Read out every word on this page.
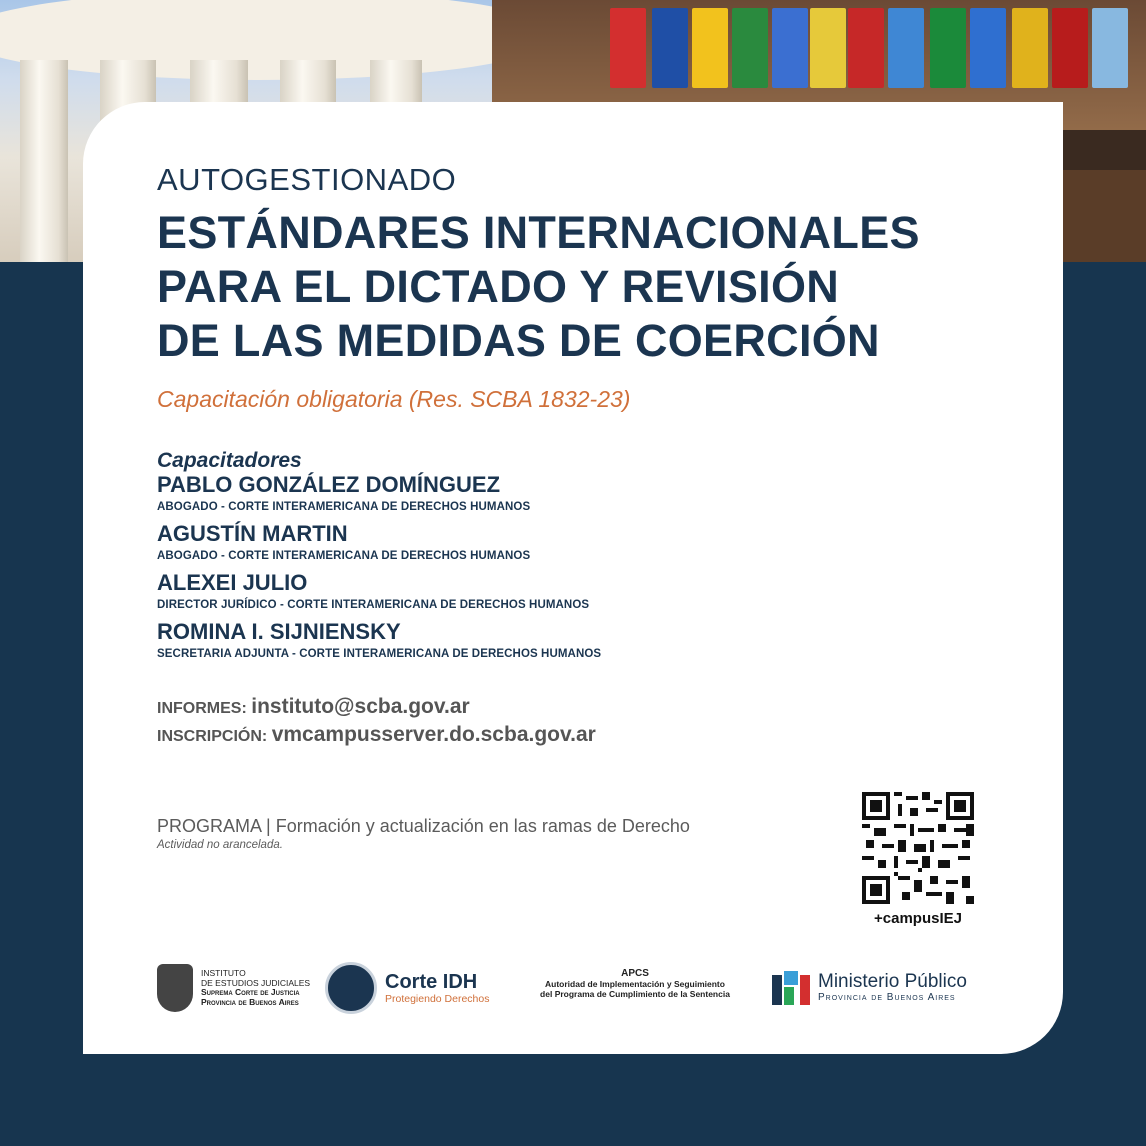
AUTOGESTIONADO

ESTÁNDARES INTERNACIONALES
PARA EL DICTADO Y REVISIÓN
DE LAS MEDIDAS DE COERCIÓN

Capacitación obligatoria (Res. SCBA 1832-23)

Capacitadores

PABLO GONZÁLEZ DOMÍNGUEZ

ABOGADO - CORTE INTERAMERICANA DE DERECHOS HUMANOS

AGUSTÍN MARTIN

ABOGADO - CORTE INTERAMERICANA DE DERECHOS HUMANOS

ALEXEI JULIO

DIRECTOR JURÍDICO - CORTE INTERAMERICANA DE DERECHOS HUMANOS

ROMINA I. SIJNIENSKY

SECRETARIA ADJUNTA - CORTE INTERAMERICANA DE DERECHOS HUMANOS

INFORMES: instituto@scba.gov.ar
INSCRIPCIÓN: vmcampusserver.do.scba.gov.ar
PROGRAMA | Formación y actualización en las ramas de Derecho
Actividad no arancelada.
+campusIEJ
INSTITUTO
DE ESTUDIOS JUDICIALES
Suprema Corte de Justicia
Provincia de Buenos Aires
Corte IDH
Protegiendo Derechos
APCS
Autoridad de Implementación y Seguimiento
del Programa de Cumplimiento de la Sentencia
Ministerio Público
Provincia de Buenos Aires
